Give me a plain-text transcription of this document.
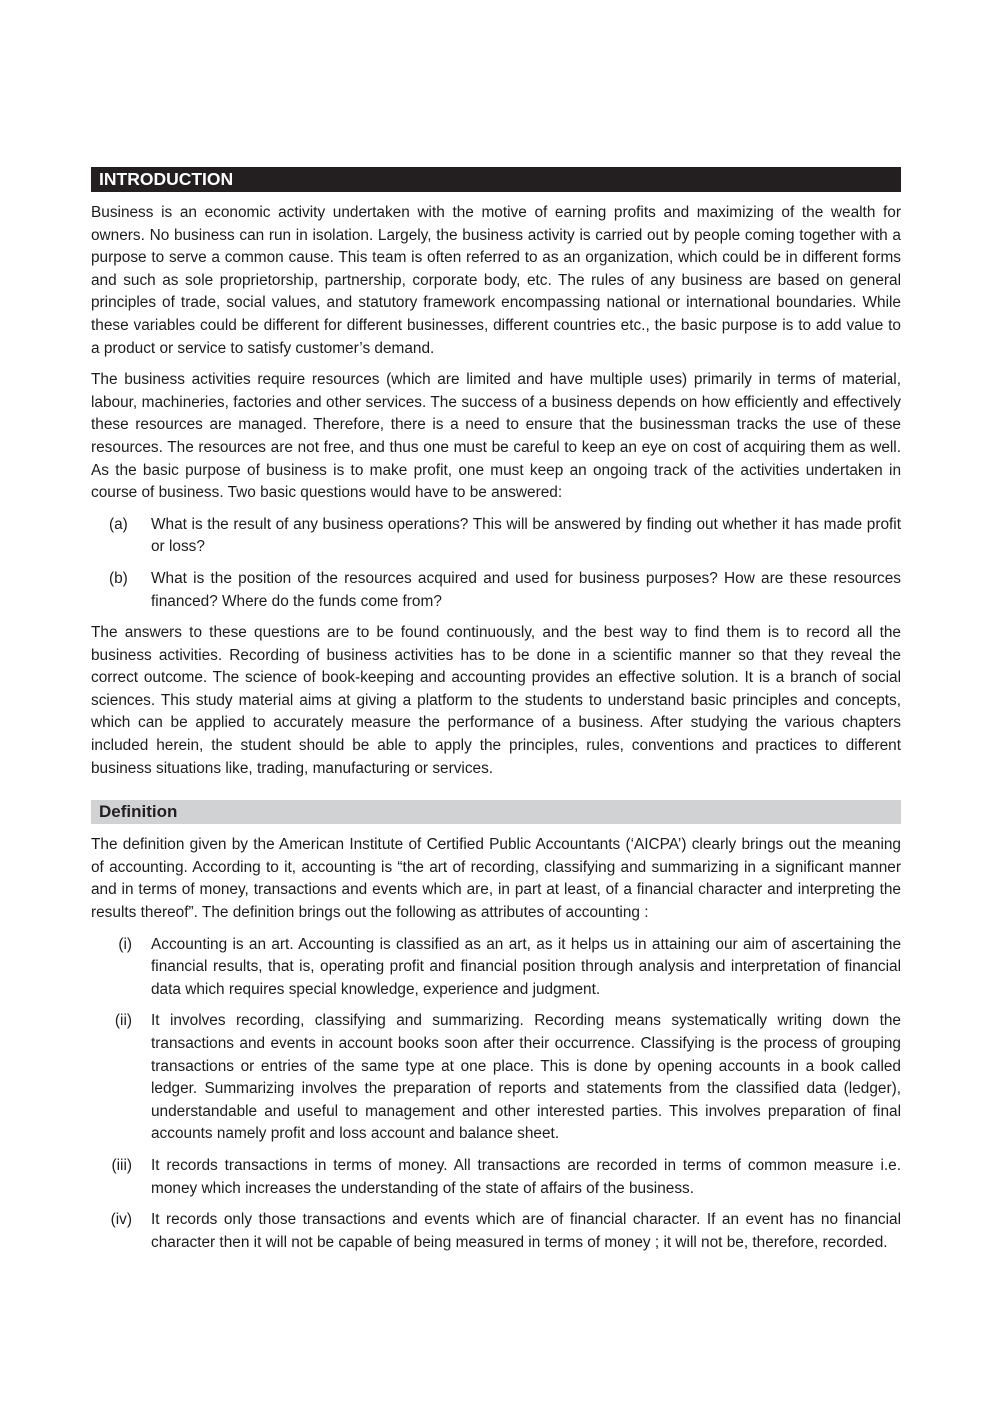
INTRODUCTION

Business is an economic activity undertaken with the motive of earning profits and maximizing of the wealth for owners. No business can run in isolation. Largely, the business activity is carried out by people coming together with a purpose to serve a common cause. This team is often referred to as an organization, which could be in different forms and such as sole proprietorship, partnership, corporate body, etc. The rules of any business are based on general principles of trade, social values, and statutory framework encompassing national or international boundaries. While these variables could be different for different businesses, different countries etc., the basic purpose is to add value to a product or service to satisfy customer’s demand.

The business activities require resources (which are limited and have multiple uses) primarily in terms of material, labour, machineries, factories and other services. The success of a business depends on how efficiently and effectively these resources are managed. Therefore, there is a need to ensure that the businessman tracks the use of these resources. The resources are not free, and thus one must be careful to keep an eye on cost of acquiring them as well. As the basic purpose of business is to make profit, one must keep an ongoing track of the activities undertaken in course of business. Two basic questions would have to be answered:

(a)	What is the result of any business operations? This will be answered by finding out whether it has made profit or loss?
(b)	What is the position of the resources acquired and used for business purposes? How are these resources financed? Where do the funds come from?

The answers to these questions are to be found continuously, and the best way to find them is to record all the business activities. Recording of business activities has to be done in a scientific manner so that they reveal the correct outcome. The science of book-keeping and accounting provides an effective solution. It is a branch of social sciences. This study material aims at giving a platform to the students to understand basic principles and concepts, which can be applied to accurately measure the performance of a business. After studying the various chapters included herein, the student should be able to apply the principles, rules, conventions and practices to different business situations like, trading, manufacturing or services.

Definition

The definition given by the American Institute of Certified Public Accountants (‘AICPA’) clearly brings out the meaning of accounting. According to it, accounting is “the art of recording, classifying and summarizing in a significant manner and in terms of money, transactions and events which are, in part at least, of a financial character and interpreting the results thereof”. The definition brings out the following as attributes of accounting :

(i)	Accounting is an art. Accounting is classified as an art, as it helps us in attaining our aim of ascertaining the financial results, that is, operating profit and financial position through analysis and interpretation of financial data which requires special knowledge, experience and judgment.
(ii)	It involves recording, classifying and summarizing. Recording means systematically writing down the transactions and events in account books soon after their occurrence. Classifying is the process of grouping transactions or entries of the same type at one place. This is done by opening accounts in a book called ledger. Summarizing involves the preparation of reports and statements from the classified data (ledger), understandable and useful to management and other interested parties. This involves preparation of final accounts namely profit and loss account and balance sheet.
(iii)	It records transactions in terms of money. All transactions are recorded in terms of common measure i.e. money which increases the understanding of the state of affairs of the business.
(iv)	It records only those transactions and events which are of financial character. If an event has no financial character then it will not be capable of being measured in terms of money ; it will not be, therefore, recorded.
